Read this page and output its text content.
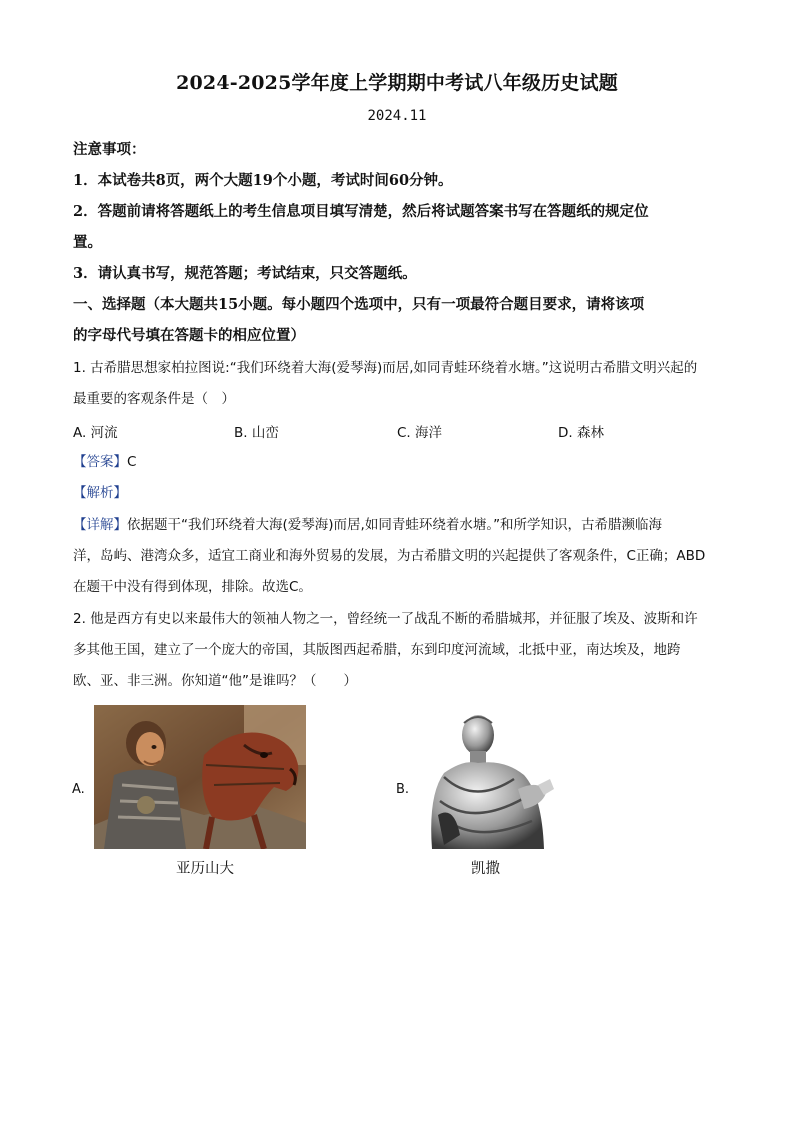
2024-2025学年度上学期期中考试八年级历史试题
2024.11
注意事项：
1．本试卷共8页，两个大题19个小题，考试时间60分钟。
2．答题前请将答题纸上的考生信息项目填写清楚，然后将试题答案书写在答题纸的规定位
置。
3．请认真书写，规范答题；考试结束，只交答题纸。
一、选择题（本大题共15小题。每小题四个选项中，只有一项最符合题目要求，请将该项
的字母代号填在答题卡的相应位置）
1. 古希腊思想家柏拉图说:“我们环绕着大海(爱琴海)而居,如同青蛙环绕着水塘。”这说明古希腊文明兴起的
最重要的客观条件是（　）
A. 河流	B. 山峦	C. 海洋	D. 森林
【答案】C
【解析】
【详解】依据题干“我们环绕着大海(爱琴海)而居,如同青蛙环绕着水塘。”和所学知识，古希腊濒临海
洋，岛屿、港湾众多，适宜工商业和海外贸易的发展，为古希腊文明的兴起提供了客观条件，C正确；ABD
在题干中没有得到体现，排除。故选C。
2. 他是西方有史以来最伟大的领袖人物之一，曾经统一了战乱不断的希腊城邦，并征服了埃及、波斯和许
多其他王国，建立了一个庞大的帝国，其版图西起希腊，东到印度河流域，北抵中亚，南达埃及，地跨
欧、亚、非三洲。你知道“他”是谁吗？（　　）
A.
亚历山大
B.
凯撒
